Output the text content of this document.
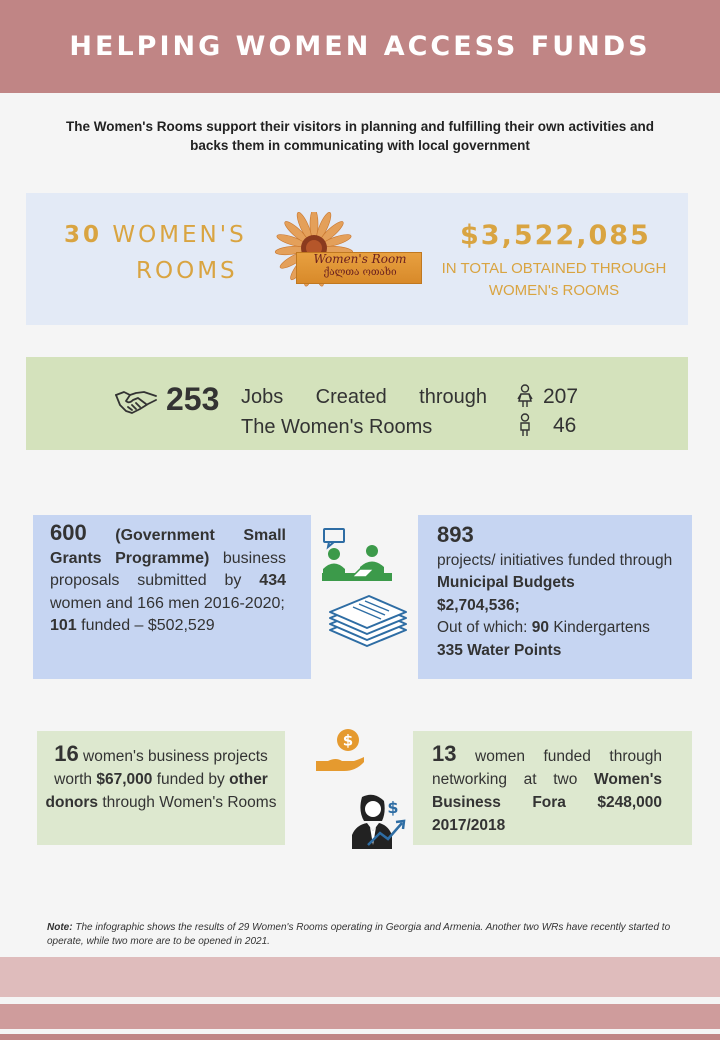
HELPING WOMEN ACCESS FUNDS
The Women's Rooms support their visitors in planning and fulfilling their own activities and backs them in communicating with local government
30 WOMEN'S
ROOMS	Women's Room
ქალთა ოთახი
$3,522,085
IN TOTAL OBTAINED THROUGH WOMEN's ROOMS
253 Jobs Created through
The Women's Rooms
207
46
600 (Government Small Grants Programme) business proposals submitted by 434 women and 166 men 2016-2020;
101 funded – $502,529
893
projects/ initiatives funded through Municipal Budgets
$2,704,536;
Out of which: 90 Kindergartens
335 Water Points
16 women's business projects worth $67,000 funded by other donors through Women's Rooms
$
$
13 women funded through networking at two Women's Business Fora $248,000 2017/2018
Note: The infographic shows the results of 29 Women's Rooms operating in Georgia and Armenia. Another two WRs have recently started to operate, while two more are to be opened in 2021.
